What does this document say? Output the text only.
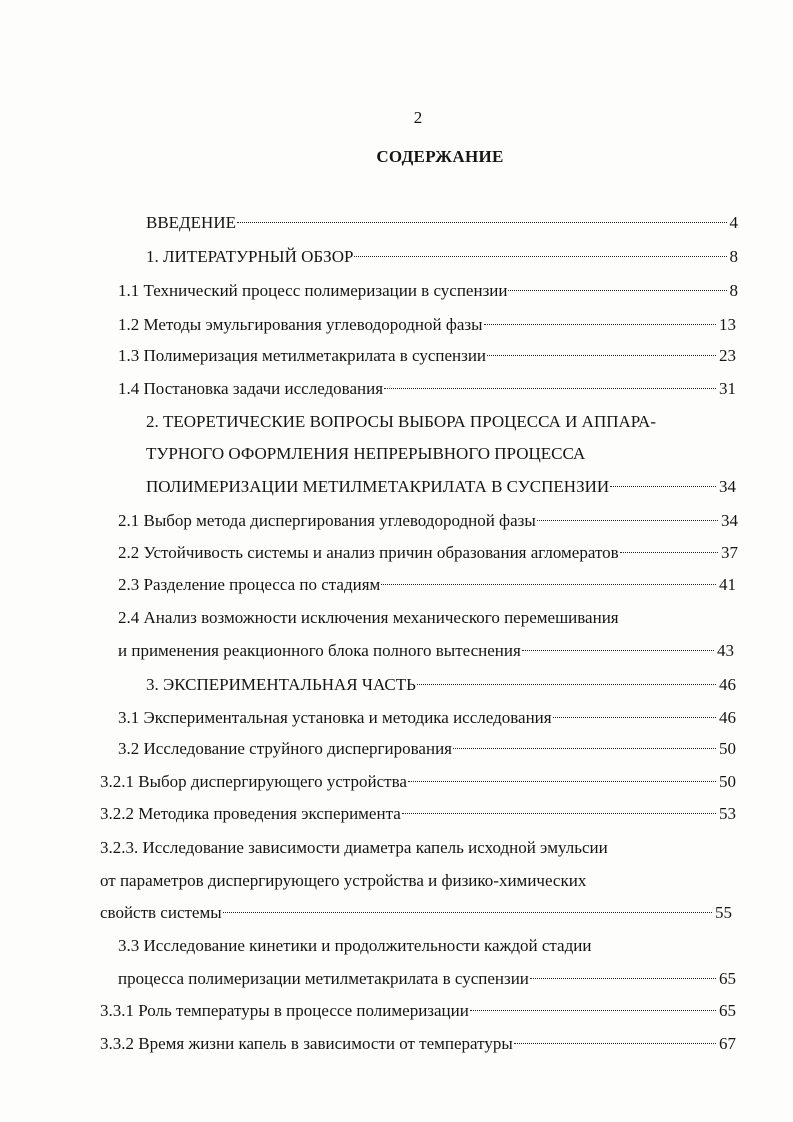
2
СОДЕРЖАНИЕ
ВВЕДЕНИЕ	4
1. ЛИТЕРАТУРНЫЙ ОБЗОР	8
1.1 Технический процесс полимеризации в суспензии	8
1.2 Методы эмульгирования углеводородной фазы	13
1.3 Полимеризация метилметакрилата в суспензии	23
1.4 Постановка задачи исследования	31
2. ТЕОРЕТИЧЕСКИЕ ВОПРОСЫ ВЫБОРА ПРОЦЕССА И АППАРА-
ТУРНОГО ОФОРМЛЕНИЯ НЕПРЕРЫВНОГО ПРОЦЕССА
ПОЛИМЕРИЗАЦИИ МЕТИЛМЕТАКРИЛАТА В СУСПЕНЗИИ	34
2.1 Выбор метода диспергирования углеводородной фазы	34
2.2 Устойчивость системы и анализ причин образования агломератов	37
2.3 Разделение процесса по стадиям	41
2.4 Анализ возможности исключения механического перемешивания
и применения реакционного блока полного вытеснения	43
3. ЭКСПЕРИМЕНТАЛЬНАЯ ЧАСТЬ	46
3.1 Экспериментальная установка и методика исследования	46
3.2 Исследование струйного диспергирования	50
3.2.1 Выбор диспергирующего устройства	50
3.2.2 Методика проведения эксперимента	53
3.2.3. Исследование зависимости диаметра капель исходной эмульсии
от параметров диспергирующего устройства и физико-химических
свойств системы	55
3.3 Исследование кинетики и продолжительности каждой стадии
процесса полимеризации метилметакрилата в суспензии	65
3.3.1 Роль температуры в процессе полимеризации	65
3.3.2 Время жизни капель в зависимости от температуры	67
